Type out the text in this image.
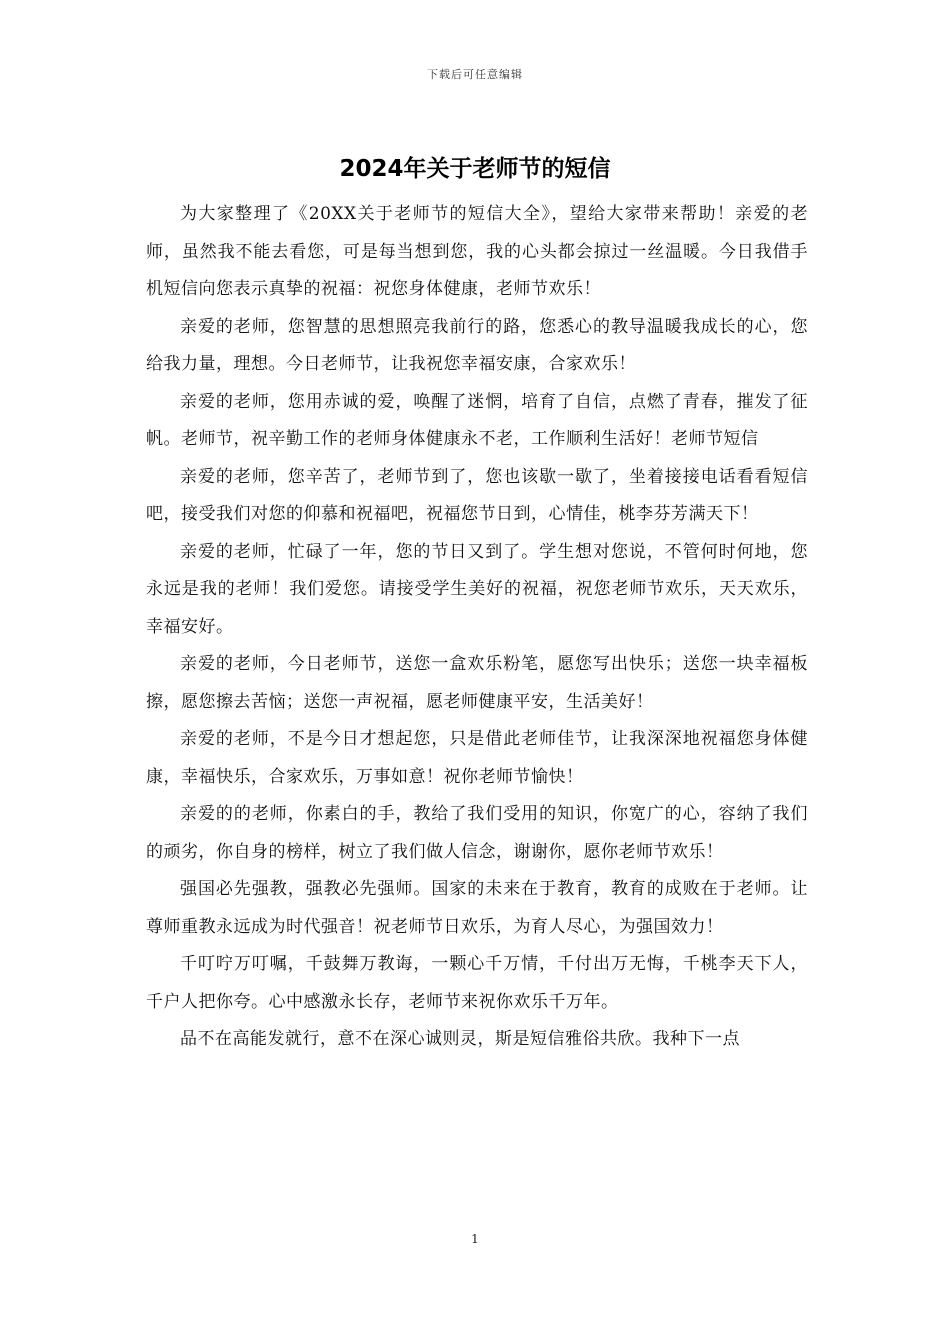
下载后可任意编辑
2024年关于老师节的短信

为大家整理了《20XX关于老师节的短信大全》，望给大家带来帮助！亲爱的老师，虽然我不能去看您，可是每当想到您，我的心头都会掠过一丝温暖。今日我借手机短信向您表示真挚的祝福：祝您身体健康，老师节欢乐！

亲爱的老师，您智慧的思想照亮我前行的路，您悉心的教导温暖我成长的心，您给我力量，理想。今日老师节，让我祝您幸福安康，合家欢乐！

亲爱的老师，您用赤诚的爱，唤醒了迷惘，培育了自信，点燃了青春，摧发了征帆。老师节，祝辛勤工作的老师身体健康永不老，工作顺利生活好！老师节短信

亲爱的老师，您辛苦了，老师节到了，您也该歇一歇了，坐着接接电话看看短信吧，接受我们对您的仰慕和祝福吧，祝福您节日到，心情佳，桃李芬芳满天下！

亲爱的老师，忙碌了一年，您的节日又到了。学生想对您说，不管何时何地，您永远是我的老师！我们爱您。请接受学生美好的祝福，祝您老师节欢乐，天天欢乐，幸福安好。

亲爱的老师，今日老师节，送您一盒欢乐粉笔，愿您写出快乐；送您一块幸福板擦，愿您擦去苦恼；送您一声祝福，愿老师健康平安，生活美好！

亲爱的老师，不是今日才想起您，只是借此老师佳节，让我深深地祝福您身体健康，幸福快乐，合家欢乐，万事如意！祝你老师节愉快！

亲爱的的老师，你素白的手，教给了我们受用的知识，你宽广的心，容纳了我们的顽劣，你自身的榜样，树立了我们做人信念，谢谢你，愿你老师节欢乐！

强国必先强教，强教必先强师。国家的未来在于教育，教育的成败在于老师。让尊师重教永远成为时代强音！祝老师节日欢乐，为育人尽心，为强国效力！

千叮咛万叮嘱，千鼓舞万教诲，一颗心千万情，千付出万无悔，千桃李天下人，千户人把你夸。心中感激永长存，老师节来祝你欢乐千万年。

品不在高能发就行，意不在深心诚则灵，斯是短信雅俗共欣。我种下一点

1
